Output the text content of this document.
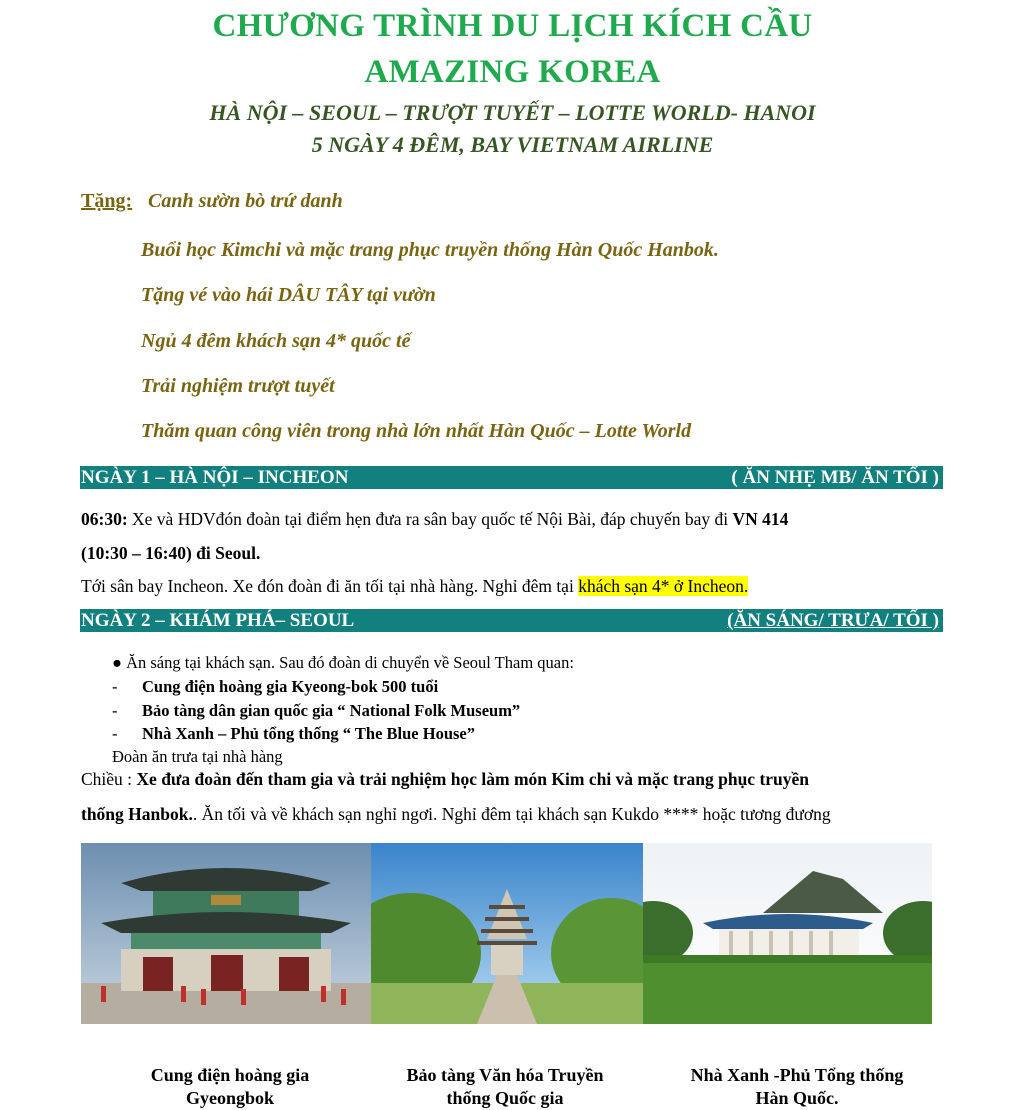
CHƯƠNG TRÌNH DU LỊCH KÍCH CẦU
AMAZING KOREA
HÀ NỘI – SEOUL – TRƯỢT TUYẾT – LOTTE WORLD- HANOI
5 NGÀY 4 ĐÊM, BAY VIETNAM AIRLINE
Tặng: Canh sườn bò trứ danh
Buổi học Kimchi và mặc trang phục truyền thống Hàn Quốc Hanbok.
Tặng vé vào hái DÂU TÂY tại vườn
Ngủ 4 đêm khách sạn 4* quốc tế
Trải nghiệm trượt tuyết
Thăm quan công viên trong nhà lớn nhất Hàn Quốc – Lotte World
NGÀY 1 – HÀ NỘI – INCHEON	( ĂN NHẸ MB/ ĂN TỐI )
06:30: Xe và HDVđón đoàn tại điểm hẹn đưa ra sân bay quốc tế Nội Bài, đáp chuyến bay đi VN 414
(10:30 – 16:40) đi Seoul.
Tới sân bay Incheon. Xe đón đoàn đi ăn tối tại nhà hàng. Nghỉ đêm tại khách sạn 4* ở Incheon.
NGÀY 2 – KHÁM PHÁ– SEOUL	(ĂN SÁNG/ TRƯA/ TỐI )
● Ăn sáng tại khách sạn. Sau đó đoàn di chuyển về Seoul Tham quan:
- Cung điện hoàng gia Kyeong-bok 500 tuổi
- Bảo tàng dân gian quốc gia “ National Folk Museum”
- Nhà Xanh – Phủ tổng thống “ The Blue House”
Đoàn ăn trưa tại nhà hàng
Chiều : Xe đưa đoàn đến tham gia và trải nghiệm học làm món Kim chi và mặc trang phục truyền
thống Hanbok.. Ăn tối và về khách sạn nghỉ ngơi. Nghỉ đêm tại khách sạn Kukdo **** hoặc tương đương
Cung điện hoàng gia
Gyeongbok
Bảo tàng Văn hóa Truyền
thống Quốc gia
Nhà Xanh -Phủ Tổng thống
Hàn Quốc.
